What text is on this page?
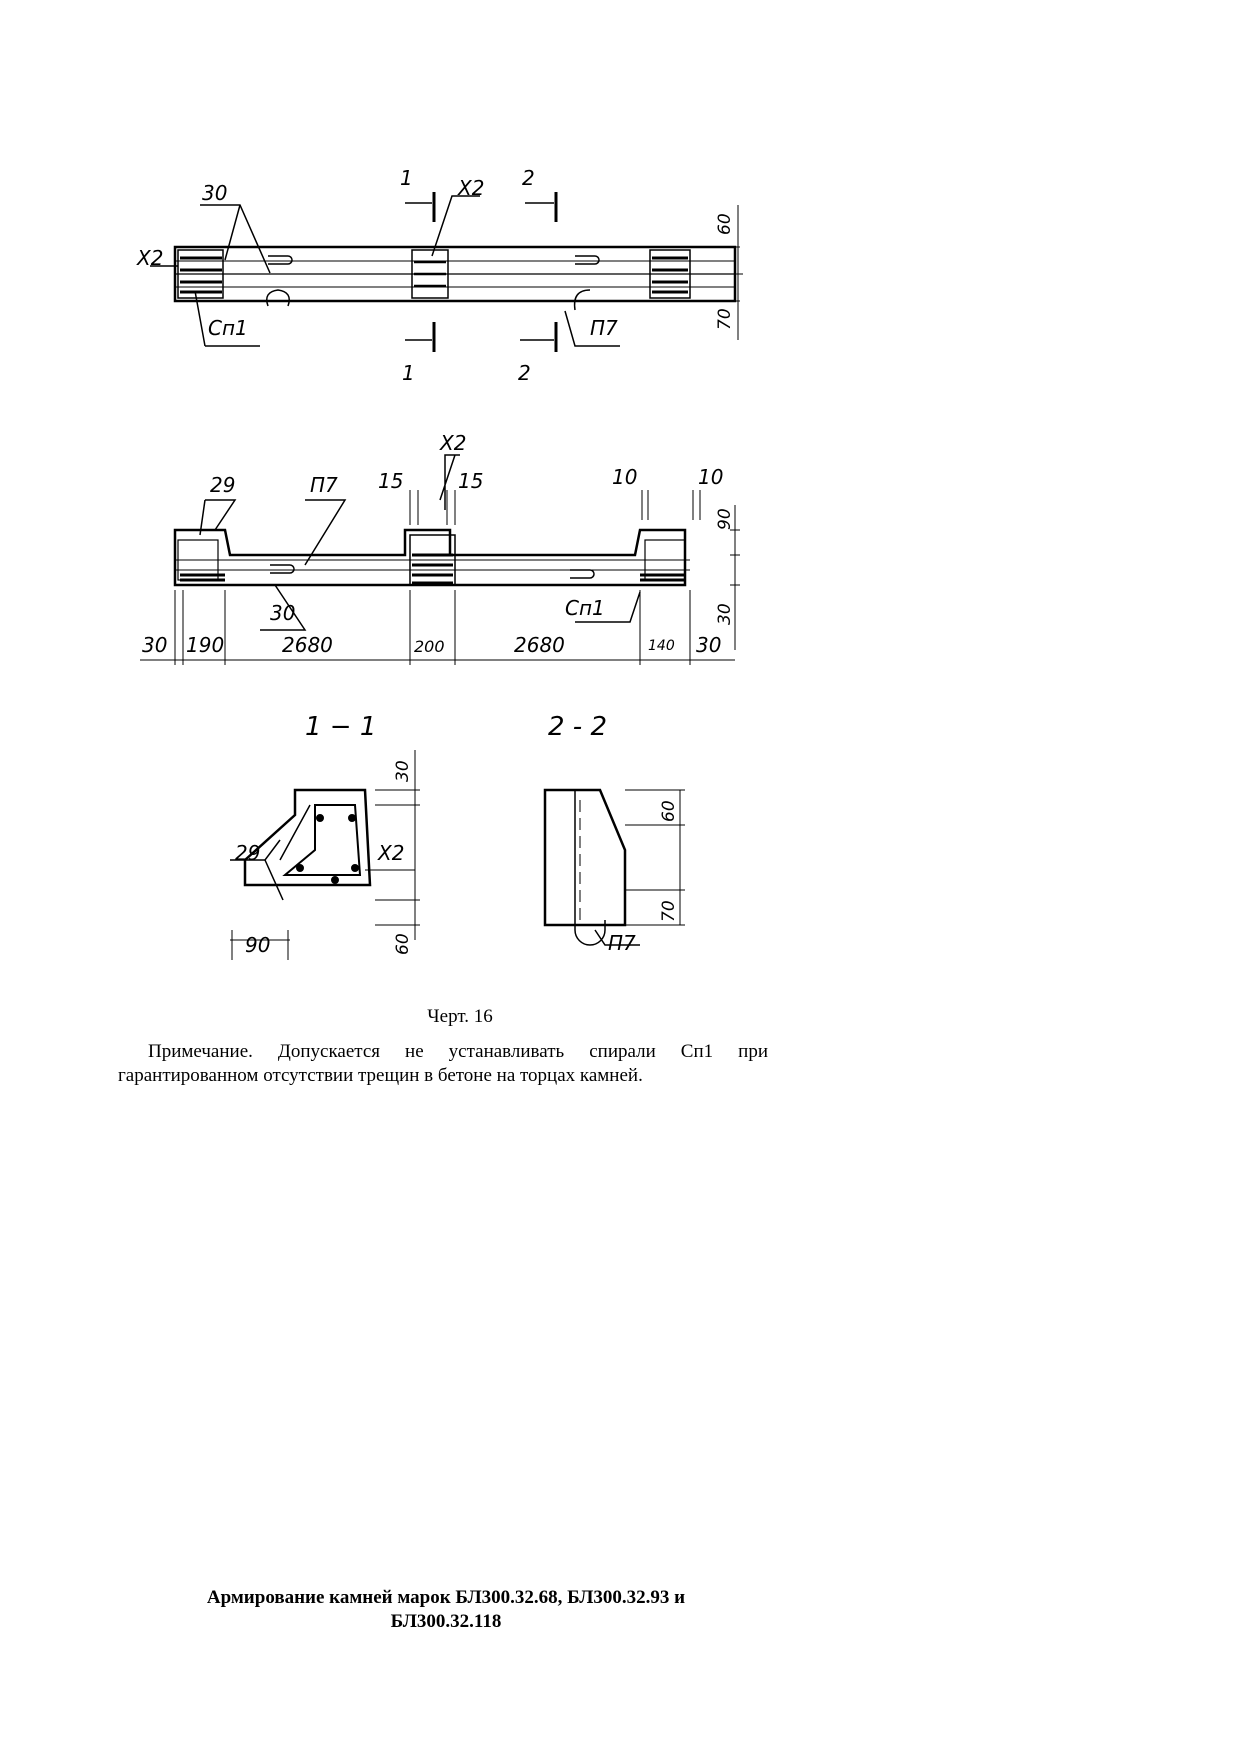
30
Х2
1
1
2
2
Х2
Сп1	П7
60
70
29	П7 15	15
Х2
10	10
90
30
30	Сп1
30 190	2680	200	2680	140 30
1 − 1
29	Х2
30
60
90
2 - 2
60
70
П7
Черт. 16
Примечание. Допускается не устанавливать спирали Сп1 при гарантированном отсутствии трещин в бетоне на торцах камней.
Армирование камней марок БЛ300.32.68, БЛ300.32.93 и БЛ300.32.118
